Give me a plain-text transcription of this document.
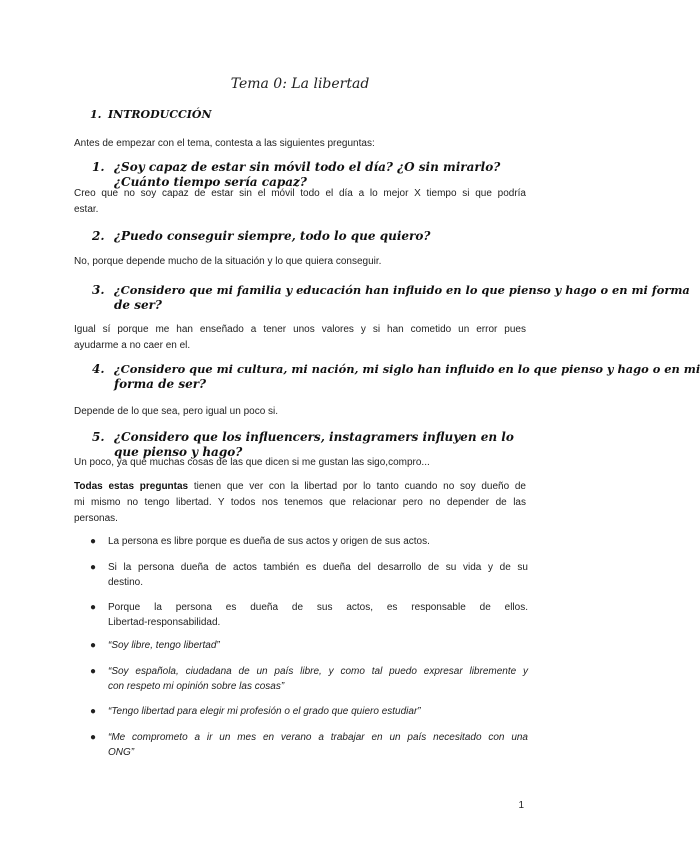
Tema 0: La libertad
1. INTRODUCCIÓN
Antes de empezar con el tema, contesta a las siguientes preguntas:
1. ¿Soy capaz de estar sin móvil todo el día? ¿O sin mirarlo? ¿Cuánto tiempo sería capaz?
Creo que no soy capaz de estar sin el móvil todo el día a lo mejor X tiempo si que podría
estar.
2. ¿Puedo conseguir siempre, todo lo que quiero?
No, porque depende mucho de la situación y lo que quiera conseguir.
3. ¿Considero que mi familia y educación han influido en lo que pienso y hago o en mi forma
de ser?
Igual sí porque me han enseñado a tener unos valores y si han cometido un error pues
ayudarme a no caer en el.
4. ¿Considero que mi cultura, mi nación, mi siglo han influido en lo que pienso y hago o en mi
forma de ser?
Depende de lo que sea, pero igual un poco si.
5. ¿Considero que los influencers, instagramers influyen en lo que pienso y hago?
Un poco, ya que muchas cosas de las que dicen si me gustan las sigo,compro...
Todas estas preguntas tienen que ver con la libertad por lo tanto cuando no soy dueño de
mi mismo no tengo libertad. Y todos nos tenemos que relacionar pero no depender de las
personas.
● La persona es libre porque es dueña de sus actos y origen de sus actos.
● Si la persona dueña de actos también es dueña del desarrollo de su vida y de su
destino.
● Porque la persona es dueña de sus actos, es responsable de ellos.
Libertad-responsabilidad.
● “Soy libre, tengo libertad”
● “Soy española, ciudadana de un país libre, y como tal puedo expresar libremente y
con respeto mi opinión sobre las cosas”
● “Tengo libertad para elegir mi profesión o el grado que quiero estudiar”
● “Me comprometo a ir un mes en verano a trabajar en un país necesitado con una
ONG”
1
